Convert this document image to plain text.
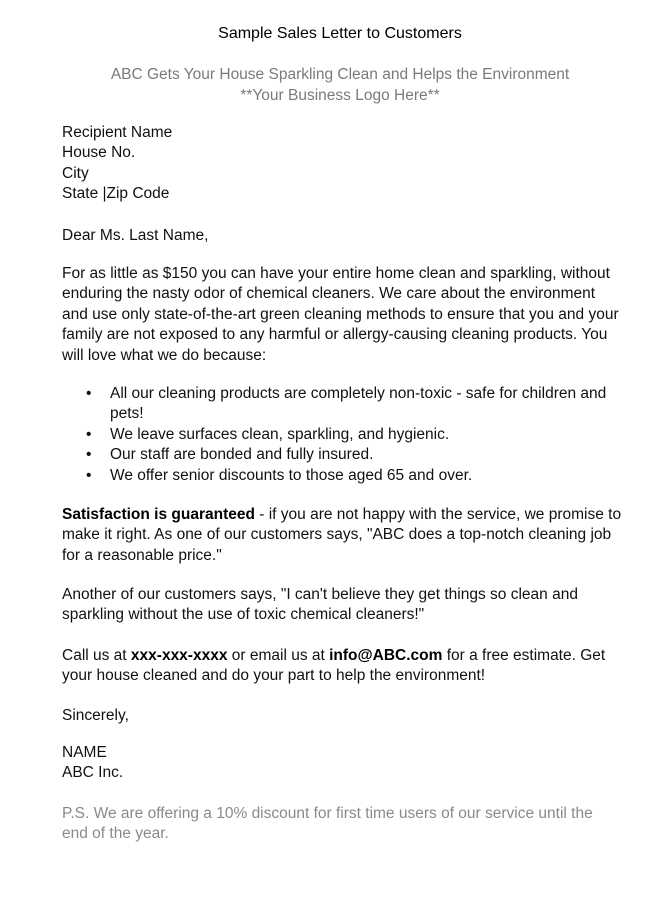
Sample Sales Letter to Customers
ABC Gets Your House Sparkling Clean and Helps the Environment
**Your Business Logo Here**
Recipient Name
House No.
City
State |Zip Code

Dear Ms. Last Name,

For as little as $150 you can have your entire home clean and sparkling, without enduring the nasty odor of chemical cleaners. We care about the environment and use only state-of-the-art green cleaning methods to ensure that you and your family are not exposed to any harmful or allergy-causing cleaning products. You will love what we do because:

• All our cleaning products are completely non-toxic - safe for children and pets!
• We leave surfaces clean, sparkling, and hygienic.
• Our staff are bonded and fully insured.
• We offer senior discounts to those aged 65 and over.

Satisfaction is guaranteed - if you are not happy with the service, we promise to make it right. As one of our customers says, "ABC does a top-notch cleaning job for a reasonable price."

Another of our customers says, "I can't believe they get things so clean and sparkling without the use of toxic chemical cleaners!"

Call us at xxx-xxx-xxxx or email us at info@ABC.com for a free estimate. Get your house cleaned and do your part to help the environment!

Sincerely,

NAME
ABC Inc.

P.S. We are offering a 10% discount for first time users of our service until the end of the year.
